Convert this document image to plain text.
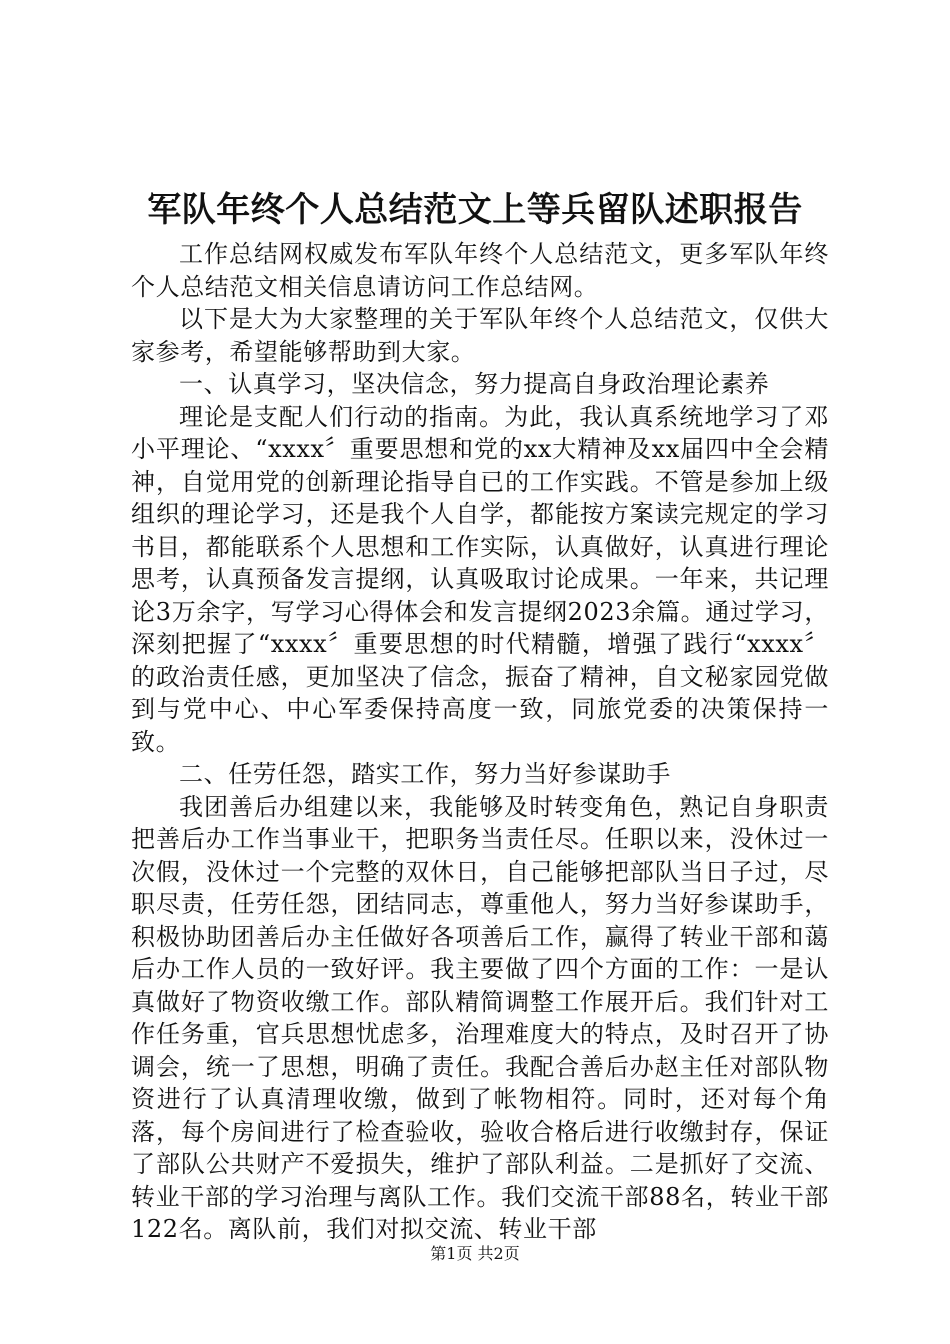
军队年终个人总结范文上等兵留队述职报告

工作总结网权威发布军队年终个人总结范文，更多军队年终个人总结范文相关信息请访问工作总结网。

以下是大为大家整理的关于军队年终个人总结范文，仅供大家参考，希望能够帮助到大家。

一、认真学习，坚决信念，努力提高自身政治理论素养

理论是支配人们行动的指南。为此，我认真系统地学习了邓小平理论、“xxxx〞重要思想和党的xx大精神及xx届四中全会精神，自觉用党的创新理论指导自已的工作实践。不管是参加上级组织的理论学习，还是我个人自学，都能按方案读完规定的学习书目，都能联系个人思想和工作实际，认真做好，认真进行理论思考，认真预备发言提纲，认真吸取讨论成果。一年来，共记理论3万余字，写学习心得体会和发言提纲2023余篇。通过学习，深刻把握了“xxxx〞重要思想的时代精髓，增强了践行“xxxx〞的政治责任感，更加坚决了信念，振奋了精神，自文秘家园党做到与党中心、中心军委保持高度一致，同旅党委的决策保持一致。

二、任劳任怨，踏实工作，努力当好参谋助手

我团善后办组建以来，我能够及时转变角色，熟记自身职责把善后办工作当事业干，把职务当责任尽。任职以来，没休过一次假，没休过一个完整的双休日，自己能够把部队当日子过，尽职尽责，任劳任怨，团结同志，尊重他人，努力当好参谋助手，积极协助团善后办主任做好各项善后工作，赢得了转业干部和蔼后办工作人员的一致好评。我主要做了四个方面的工作：一是认真做好了物资收缴工作。部队精简调整工作展开后。我们针对工作任务重，官兵思想忧虑多，治理难度大的特点，及时召开了协调会，统一了思想，明确了责任。我配合善后办赵主任对部队物资进行了认真清理收缴，做到了帐物相符。同时，还对每个角落，每个房间进行了检查验收，验收合格后进行收缴封存，保证了部队公共财产不爱损失，维护了部队利益。二是抓好了交流、转业干部的学习治理与离队工作。我们交流干部88名，转业干部122名。离队前，我们对拟交流、转业干部

第1页 共2页
